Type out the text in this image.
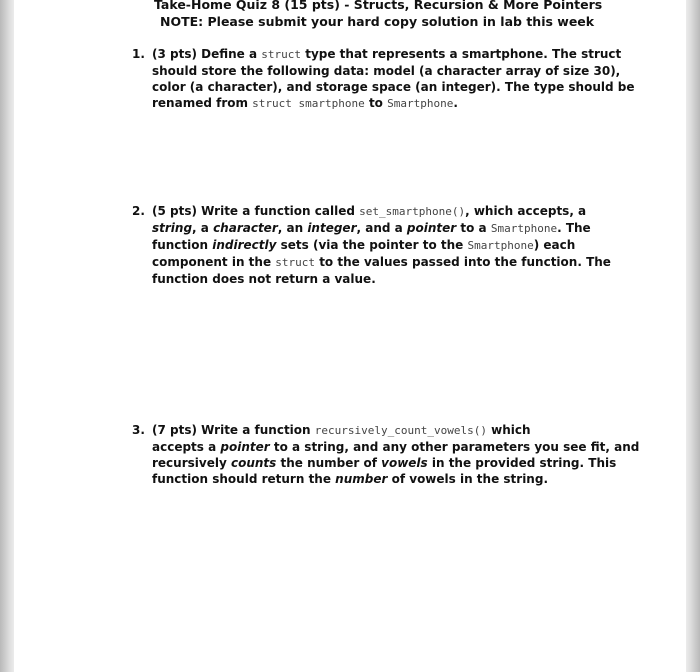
Take-Home Quiz 8 (15 pts) - Structs, Recursion & More Pointers
NOTE: Please submit your hard copy solution in lab this week
1. (3 pts) Define a struct type that represents a smartphone. The struct
should store the following data: model (a character array of size 30),
color (a character), and storage space (an integer). The type should be
renamed from struct smartphone to Smartphone.
2. (5 pts) Write a function called set_smartphone(), which accepts, a
string, a character, an integer, and a pointer to a Smartphone. The
function indirectly sets (via the pointer to the Smartphone) each
component in the struct to the values passed into the function. The
function does not return a value.
3. (7 pts) Write a function recursively_count_vowels() which
accepts a pointer to a string, and any other parameters you see fit, and
recursively counts the number of vowels in the provided string. This
function should return the number of vowels in the string.
